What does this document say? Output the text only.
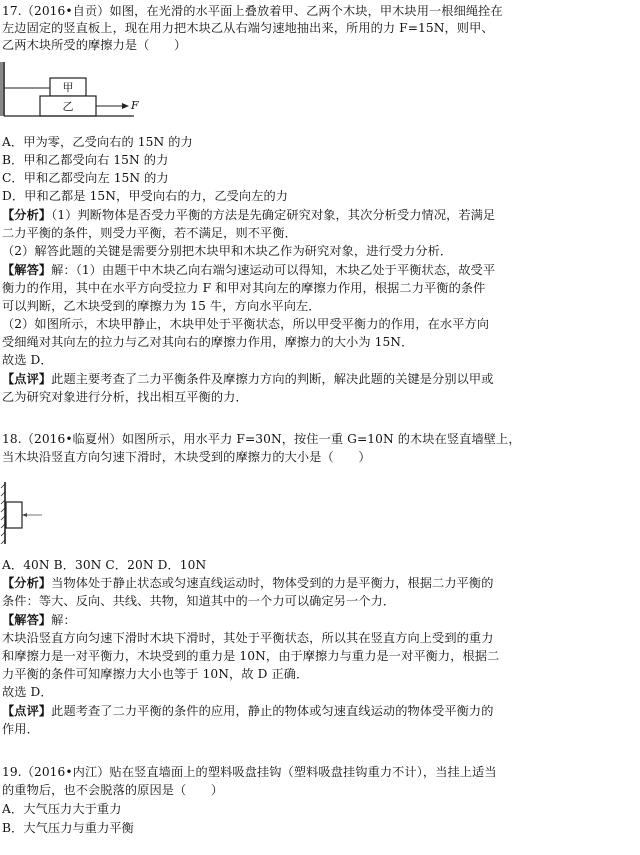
17.（2016•自贡）如图，在光滑的水平面上叠放着甲、乙两个木块，甲木块用一根细绳拴在
左边固定的竖直板上，现在用力把木块乙从右端匀速地抽出来，所用的力 F=15N，则甲、
乙两木块所受的摩擦力是（　　）
甲
乙	F
A．甲为零，乙受向右的 15N 的力
B．甲和乙都受向右 15N 的力
C．甲和乙都受向左 15N 的力
D．甲和乙都是 15N，甲受向右的力，乙受向左的力
【分析】（1）判断物体是否受力平衡的方法是先确定研究对象，其次分析受力情况，若满足
二力平衡的条件，则受力平衡，若不满足，则不平衡．
（2）解答此题的关键是需要分别把木块甲和木块乙作为研究对象，进行受力分析．
【解答】解：（1）由题干中木块乙向右端匀速运动可以得知，木块乙处于平衡状态，故受平
衡力的作用，其中在水平方向受拉力 F 和甲对其向左的摩擦力作用，根据二力平衡的条件
可以判断，乙木块受到的摩擦力为 15 牛，方向水平向左．
（2）如图所示，木块甲静止，木块甲处于平衡状态，所以甲受平衡力的作用，在水平方向
受细绳对其向左的拉力与乙对其向右的摩擦力作用，摩擦力的大小为 15N．
故选 D．
【点评】此题主要考查了二力平衡条件及摩擦力方向的判断，解决此题的关键是分别以甲或
乙为研究对象进行分析，找出相互平衡的力．
18.（2016•临夏州）如图所示，用水平力 F=30N，按住一重 G=10N 的木块在竖直墙壁上，
当木块沿竖直方向匀速下滑时，木块受到的摩擦力的大小是（　　）
A．40N B．30N C．20N D．10N
【分析】当物体处于静止状态或匀速直线运动时，物体受到的力是平衡力，根据二力平衡的
条件：等大、反向、共线、共物，知道其中的一个力可以确定另一个力．
【解答】解：
木块沿竖直方向匀速下滑时木块下滑时，其处于平衡状态，所以其在竖直方向上受到的重力
和摩擦力是一对平衡力，木块受到的重力是 10N，由于摩擦力与重力是一对平衡力，根据二
力平衡的条件可知摩擦力大小也等于 10N，故 D 正确．
故选 D．
【点评】此题考查了二力平衡的条件的应用，静止的物体或匀速直线运动的物体受平衡力的
作用．
19.（2016•内江）贴在竖直墙面上的塑料吸盘挂钩（塑料吸盘挂钩重力不计），当挂上适当
的重物后，也不会脱落的原因是（　　）
A．大气压力大于重力
B．大气压力与重力平衡
